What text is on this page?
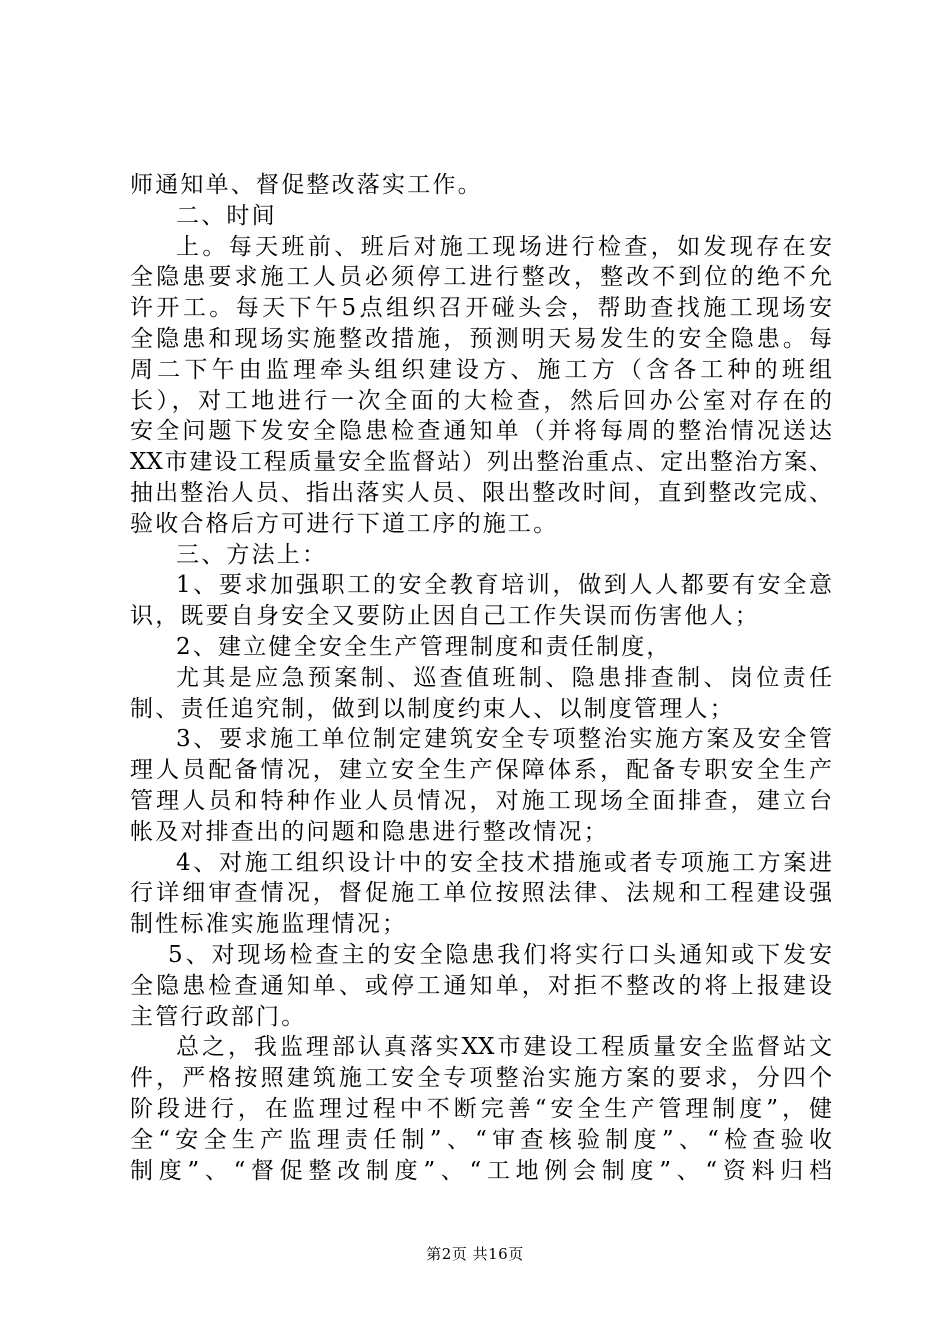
师通知单、督促整改落实工作。
二、时间
上。每天班前、班后对施工现场进行检查，如发现存在安
全隐患要求施工人员必须停工进行整改，整改不到位的绝不允
许开工。每天下午5点组织召开碰头会，帮助查找施工现场安
全隐患和现场实施整改措施，预测明天易发生的安全隐患。每
周二下午由监理牵头组织建设方、施工方（含各工种的班组
长），对工地进行一次全面的大检查，然后回办公室对存在的
安全问题下发安全隐患检查通知单（并将每周的整治情况送达
XX市建设工程质量安全监督站）列出整治重点、定出整治方案、
抽出整治人员、指出落实人员、限出整改时间，直到整改完成、
验收合格后方可进行下道工序的施工。
三、方法上：
1、要求加强职工的安全教育培训，做到人人都要有安全意
识，既要自身安全又要防止因自己工作失误而伤害他人；
2、建立健全安全生产管理制度和责任制度，
尤其是应急预案制、巡查值班制、隐患排查制、岗位责任
制、责任追究制，做到以制度约束人、以制度管理人；
3、要求施工单位制定建筑安全专项整治实施方案及安全管
理人员配备情况，建立安全生产保障体系，配备专职安全生产
管理人员和特种作业人员情况，对施工现场全面排查，建立台
帐及对排查出的问题和隐患进行整改情况；
4、对施工组织设计中的安全技术措施或者专项施工方案进
行详细审查情况，督促施工单位按照法律、法规和工程建设强
制性标准实施监理情况；
5、对现场检查主的安全隐患我们将实行口头通知或下发安
全隐患检查通知单、或停工通知单，对拒不整改的将上报建设
主管行政部门。
总之，我监理部认真落实XX市建设工程质量安全监督站文
件，严格按照建筑施工安全专项整治实施方案的要求，分四个
阶段进行，在监理过程中不断完善“安全生产管理制度”，健
全“安全生产监理责任制”、“审查核验制度”、“检查验收
制度”、“督促整改制度”、“工地例会制度”、“资料归档
第2页 共16页
